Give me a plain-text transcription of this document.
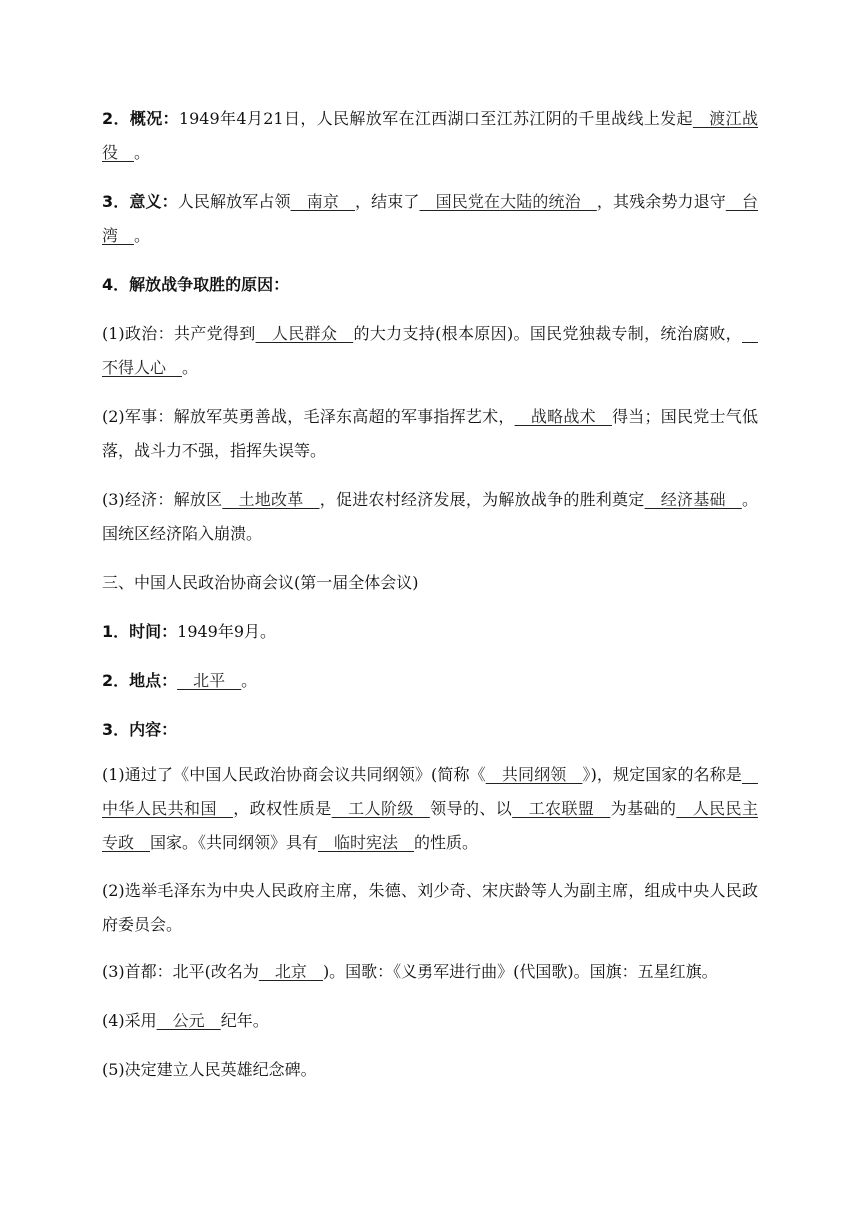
2．概况：1949年4月21日，人民解放军在江西湖口至江苏江阴的千里战线上发起__渡江战役__。

3．意义：人民解放军占领__南京__，结束了__国民党在大陆的统治__，其残余势力退守__台湾__。

4．解放战争取胜的原因：

(1)政治：共产党得到__人民群众__的大力支持(根本原因)。国民党独裁专制，统治腐败，__不得人心__。

(2)军事：解放军英勇善战，毛泽东高超的军事指挥艺术，__战略战术__得当；国民党士气低落，战斗力不强，指挥失误等。

(3)经济：解放区__土地改革__，促进农村经济发展，为解放战争的胜利奠定__经济基础__。国统区经济陷入崩溃。

三、中国人民政治协商会议(第一届全体会议)

1．时间：1949年9月。

2．地点：__北平__。

3．内容：

(1)通过了《中国人民政治协商会议共同纲领》(简称《__共同纲领__》)，规定国家的名称是__中华人民共和国__，政权性质是__工人阶级__领导的、以__工农联盟__为基础的__人民民主专政__国家。《共同纲领》具有__临时宪法__的性质。

(2)选举毛泽东为中央人民政府主席，朱德、刘少奇、宋庆龄等人为副主席，组成中央人民政府委员会。

(3)首都：北平(改名为__北京__)。国歌：《义勇军进行曲》(代国歌)。国旗：五星红旗。

(4)采用__公元__纪年。

(5)决定建立人民英雄纪念碑。
